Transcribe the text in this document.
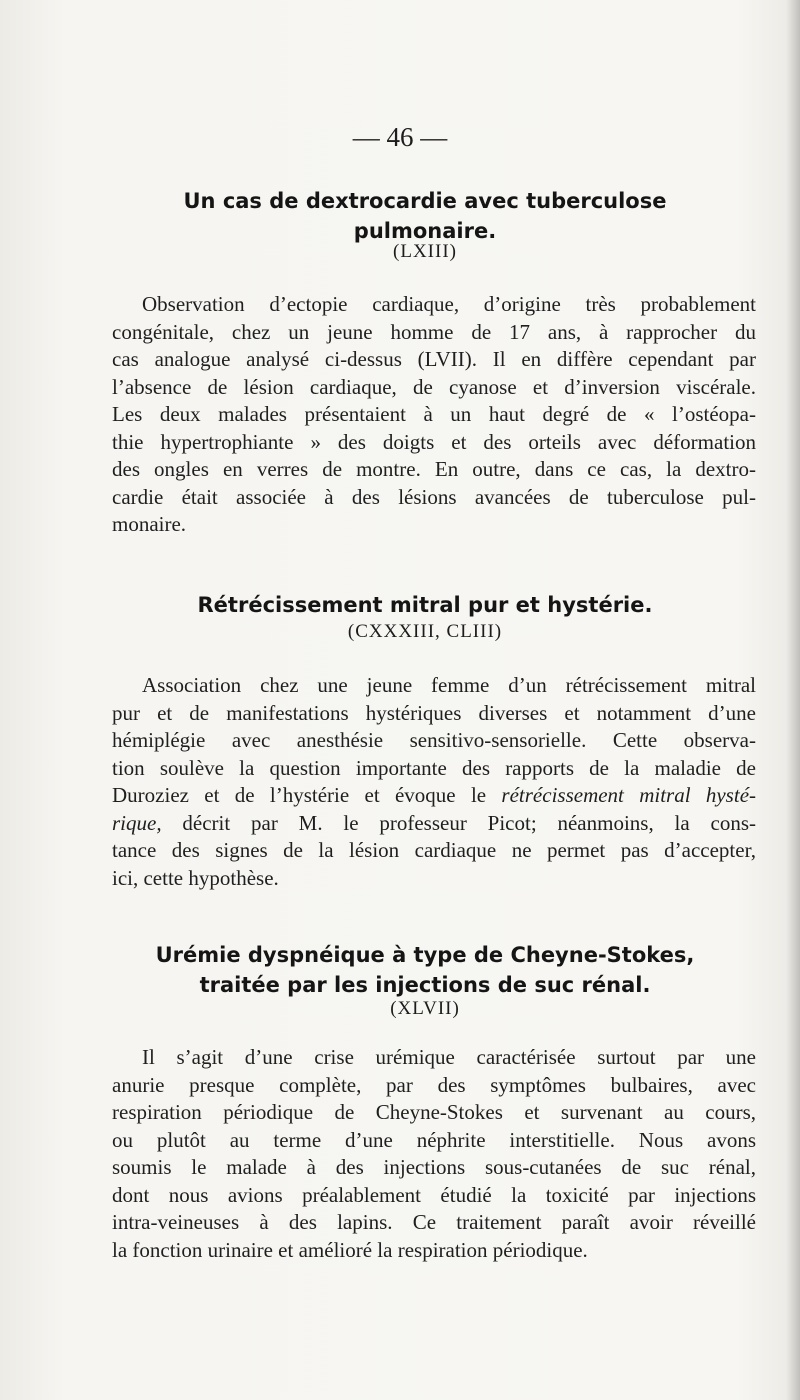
— 46 —
Un cas de dextrocardie avec tuberculose
pulmonaire.
(LXIII)
Observation d’ectopie cardiaque, d’origine très probablement
congénitale, chez un jeune homme de 17 ans, à rapprocher du
cas analogue analysé ci-dessus (LVII). Il en diffère cependant par
l’absence de lésion cardiaque, de cyanose et d’inversion viscérale.
Les deux malades présentaient à un haut degré de « l’ostéopa-
thie hypertrophiante » des doigts et des orteils avec déformation
des ongles en verres de montre. En outre, dans ce cas, la dextro-
cardie était associée à des lésions avancées de tuberculose pul-
monaire.
Rétrécissement mitral pur et hystérie.
(CXXXIII, CLIII)
Association chez une jeune femme d’un rétrécissement mitral
pur et de manifestations hystériques diverses et notamment d’une
hémiplégie avec anesthésie sensitivo-sensorielle. Cette observa-
tion soulève la question importante des rapports de la maladie de
Duroziez et de l’hystérie et évoque le rétrécissement mitral hysté-
rique, décrit par M. le professeur Picot; néanmoins, la cons-
tance des signes de la lésion cardiaque ne permet pas d’accepter,
ici, cette hypothèse.
Urémie dyspnéique à type de Cheyne-Stokes,
traitée par les injections de suc rénal.
(XLVII)
Il s’agit d’une crise urémique caractérisée surtout par une
anurie presque complète, par des symptômes bulbaires, avec
respiration périodique de Cheyne-Stokes et survenant au cours,
ou plutôt au terme d’une néphrite interstitielle. Nous avons
soumis le malade à des injections sous-cutanées de suc rénal,
dont nous avions préalablement étudié la toxicité par injections
intra-veineuses à des lapins. Ce traitement paraît avoir réveillé
la fonction urinaire et amélioré la respiration périodique.
